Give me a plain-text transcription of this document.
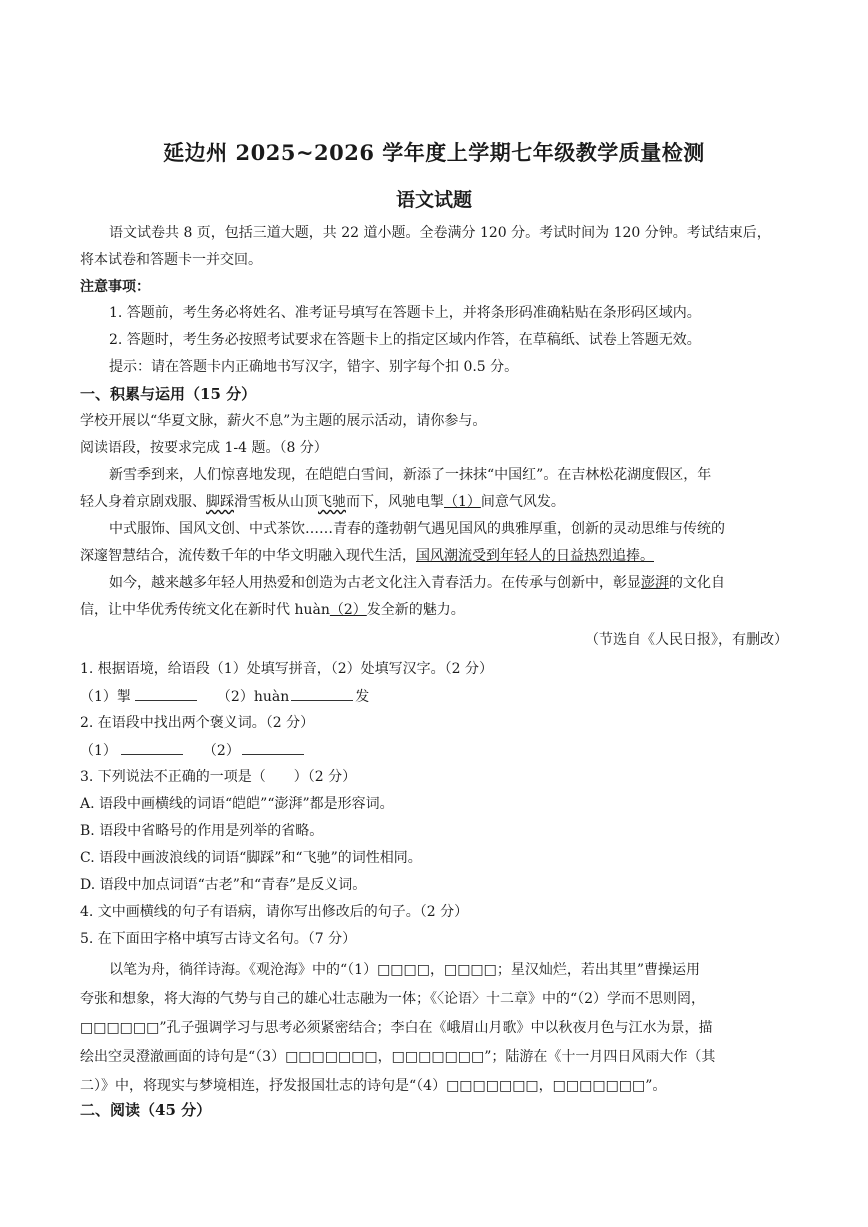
延边州 2025~2026 学年度上学期七年级教学质量检测
语文试题
语文试卷共 8 页，包括三道大题，共 22 道小题。全卷满分 120 分。考试时间为 120 分钟。考试结束后，
将本试卷和答题卡一并交回。
注意事项：
1. 答题前，考生务必将姓名、准考证号填写在答题卡上，并将条形码准确粘贴在条形码区域内。
2. 答题时，考生务必按照考试要求在答题卡上的指定区域内作答，在草稿纸、试卷上答题无效。
提示：请在答题卡内正确地书写汉字，错字、别字每个扣 0.5 分。
一、积累与运用（15 分）
学校开展以“华夏文脉，薪火不息”为主题的展示活动，请你参与。
阅读语段，按要求完成 1-4 题。（8 分）
新雪季到来，人们惊喜地发现，在皑皑白雪间，新添了一抹抹“中国红”。在吉林松花湖度假区，年
轻人身着京剧戏服、脚踩滑雪板从山顶飞驰而下，风驰电掣（1）间意气风发。
中式服饰、国风文创、中式茶饮……青春的蓬勃朝气遇见国风的典雅厚重，创新的灵动思维与传统的
深邃智慧结合，流传数千年的中华文明融入现代生活，国风潮流受到年轻人的日益热烈追捧。
如今，越来越多年轻人用热爱和创造为古老文化注入青春活力。在传承与创新中，彰显澎湃的文化自
信，让中华优秀传统文化在新时代 huàn（2）发全新的魅力。
（节选自《人民日报》，有删改）
1. 根据语境，给语段（1）处填写拼音，（2）处填写汉字。（2 分）
（1）掣	（2）huàn	发
2. 在语段中找出两个褒义词。（2 分）
（1）	（2）
3. 下列说法不正确的一项是（　　）（2 分）
A. 语段中画横线的词语“皑皑”“澎湃”都是形容词。
B. 语段中省略号的作用是列举的省略。
C. 语段中画波浪线的词语“脚踩”和“飞驰”的词性相同。
D. 语段中加点词语“古老”和“青春”是反义词。
4. 文中画横线的句子有语病，请你写出修改后的句子。（2 分）
5. 在下面田字格中填写古诗文名句。（7 分）
以笔为舟，徜徉诗海。《观沧海》中的“（1）□□□□，□□□□；星汉灿烂，若出其里”曹操运用
夸张和想象，将大海的气势与自己的雄心壮志融为一体；《〈论语〉十二章》中的“（2）学而不思则罔，
□□□□□□”孔子强调学习与思考必须紧密结合；李白在《峨眉山月歌》中以秋夜月色与江水为景，描
绘出空灵澄澈画面的诗句是“（3）□□□□□□□，□□□□□□□”；陆游在《十一月四日风雨大作（其
二）》中，将现实与梦境相连，抒发报国壮志的诗句是“（4）□□□□□□□，□□□□□□□”。
二、阅读（45 分）
